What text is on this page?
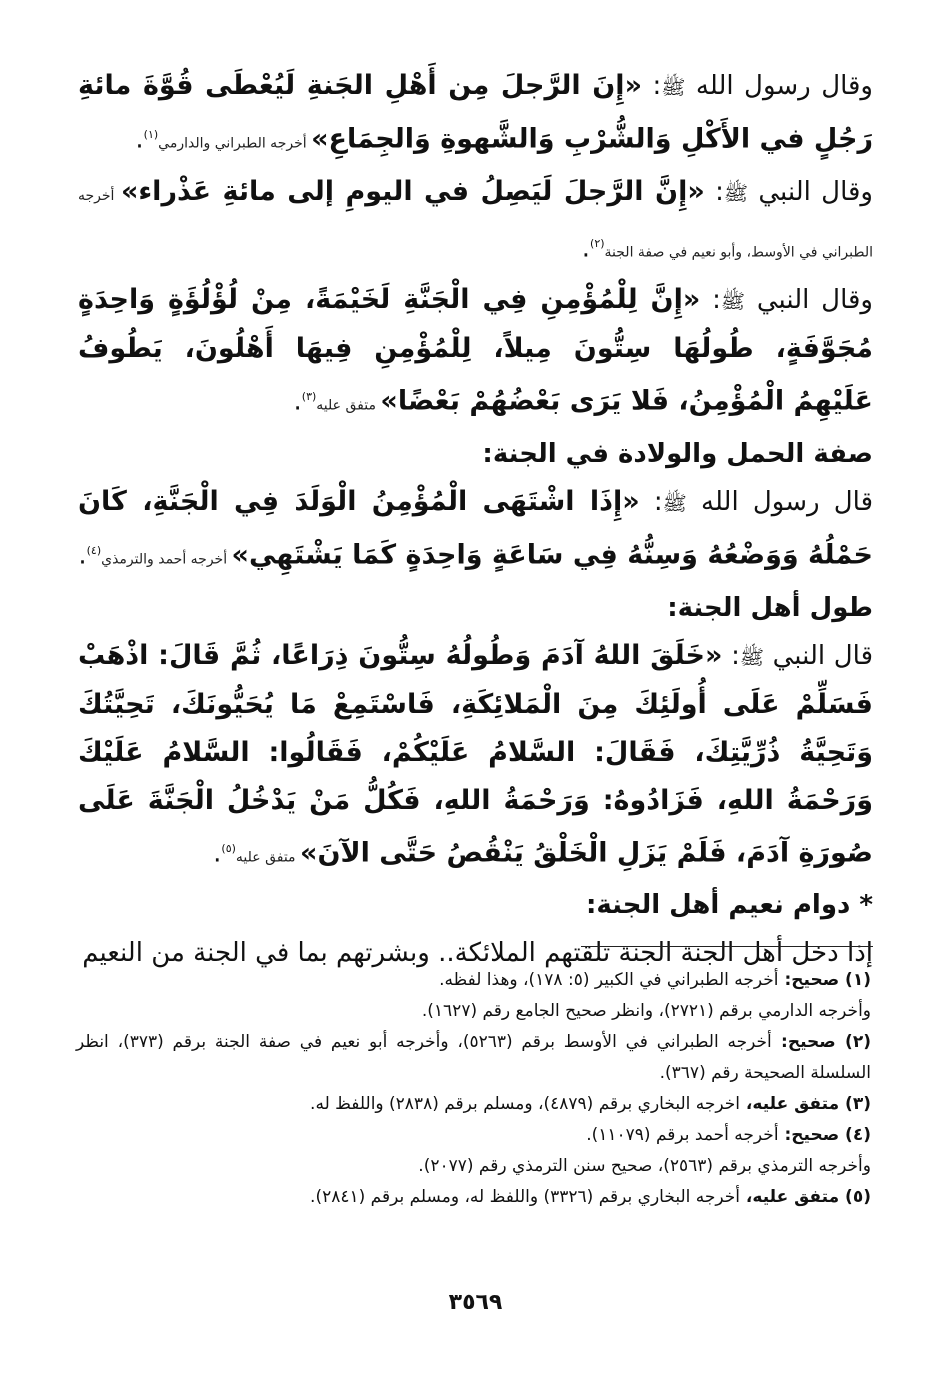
وقال رسول الله ﷺ: «إِنَ الرَّجلَ مِن أَهْلِ الجَنةِ لَيُعْطَى قُوَّةَ مائةِ رَجُلٍ في الأَكْلِ وَالشُّرْبِ وَالشَّهوةِ وَالجِمَاعِ» أخرجه الطبراني والدارمي$^{(١)}$.

وقال النبي ﷺ: «إِنَّ الرَّجلَ لَيَصِلُ في اليومِ إلى مائةِ عَذْراء» أخرجه الطبراني في الأوسط، وأبو نعيم في صفة الجنة$^{(٢)}$.

وقال النبي ﷺ: «إِنَّ لِلْمُؤْمِنِ فِي الْجَنَّةِ لَخَيْمَةً، مِنْ لُؤْلُؤَةٍ وَاحِدَةٍ مُجَوَّفَةٍ، طُولُهَا سِتُّونَ مِيلاً، لِلْمُؤْمِنِ فِيهَا أَهْلُونَ، يَطُوفُ عَلَيْهِمُ الْمُؤْمِنُ، فَلا يَرَى بَعْضُهُمْ بَعْضًا» متفق عليه$^{(٣)}$.

صفة الحمل والولادة في الجنة:

قال رسول الله ﷺ: «إِذَا اشْتَهَى الْمُؤْمِنُ الْوَلَدَ فِي الْجَنَّةِ، كَانَ حَمْلُهُ وَوَضْعُهُ وَسِنُّهُ فِي سَاعَةٍ وَاحِدَةٍ كَمَا يَشْتَهِي» أخرجه أحمد والترمذي$^{(٤)}$.

طول أهل الجنة:

قال النبي ﷺ: «خَلَقَ اللهُ آدَمَ وَطُولُهُ سِتُّونَ ذِرَاعًا، ثُمَّ قَالَ: اذْهَبْ فَسَلِّمْ عَلَى أُولَئِكَ مِنَ الْمَلائِكَةِ، فَاسْتَمِعْ مَا يُحَيُّونَكَ، تَحِيَّتُكَ وَتَحِيَّةُ ذُرِّيَّتِكَ، فَقَالَ: السَّلامُ عَلَيْكُمْ، فَقَالُوا: السَّلامُ عَلَيْكَ وَرَحْمَةُ اللهِ، فَزَادُوهُ: وَرَحْمَةُ اللهِ، فَكُلُّ مَنْ يَدْخُلُ الْجَنَّةَ عَلَى صُورَةِ آدَمَ، فَلَمْ يَزَلِ الْخَلْقُ يَنْقُصُ حَتَّى الآنَ» متفق عليه$^{(٥)}$.

* دوام نعيم أهل الجنة:

إذا دخل أهل الجنة الجنة تلقتهم الملائكة.. وبشرتهم بما في الجنة من النعيم

(١) صحيح: أخرجه الطبراني في الكبير (٥: ١٧٨)، وهذا لفظه.

وأخرجه الدارمي برقم (٢٧٢١)، وانظر صحيح الجامع رقم (١٦٢٧).

(٢) صحيح: أخرجه الطبراني في الأوسط برقم (٥٢٦٣)، وأخرجه أبو نعيم في صفة الجنة برقم (٣٧٣)، انظر السلسلة الصحيحة رقم (٣٦٧).

(٣) متفق عليه، اخرجه البخاري برقم (٤٨٧٩)، ومسلم برقم (٢٨٣٨) واللفظ له.

(٤) صحيح: أخرجه أحمد برقم (١١٠٧٩).

وأخرجه الترمذي برقم (٢٥٦٣)، صحيح سنن الترمذي رقم (٢٠٧٧).

(٥) متفق عليه، أخرجه البخاري برقم (٣٣٢٦) واللفظ له، ومسلم برقم (٢٨٤١).

٣٥٦٩
